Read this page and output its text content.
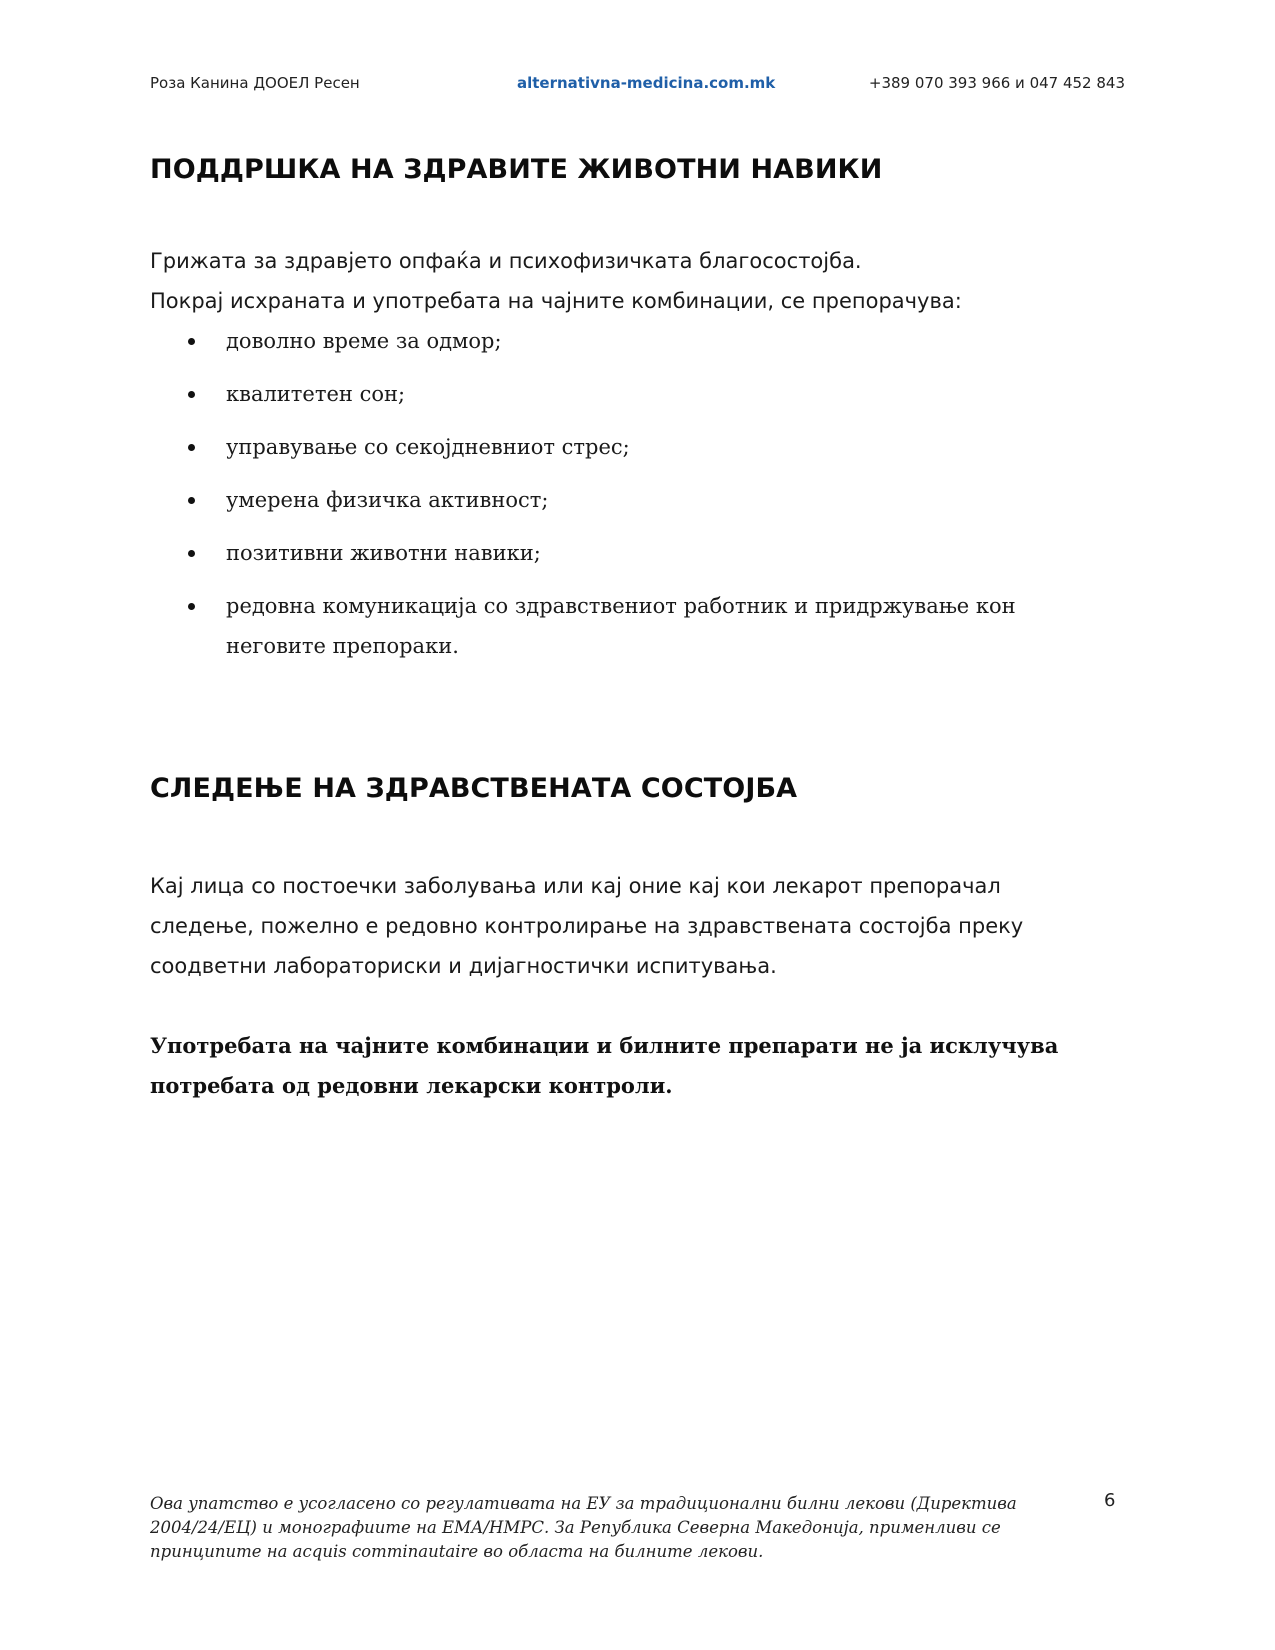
Роза Канина ДООЕЛ Ресен	alternativna-medicina.com.mk	+389 070 393 966 и 047 452 843
ПОДДРШКА НА ЗДРАВИТЕ ЖИВОТНИ НАВИКИ
Грижата за здравјето опфаќа и психофизичката благосостојба.
Покрај исхраната и употребата на чајните комбинации, се препорачува:
доволно време за одмор;
квалитетен сон;
управување со секојдневниот стрес;
умерена физичка активност;
позитивни животни навики;
редовна комуникација со здравствениот работник и придржување кон неговите препораки.
СЛЕДЕЊЕ НА ЗДРАВСТВЕНАТА СОСТОЈБА

Кај лица со постоечки заболувања или кај оние кај кои лекарот препорачал следење, пожелно е редовно контролирање на здравствената состојба преку соодветни лабораториски и дијагностички испитувања.

Употребата на чајните комбинации и билните препарати не ја исклучува потребата од редовни лекарски контроли.

Ова упатство е усогласено со регулативата на ЕУ за традиционални билни лекови (Директива 2004/24/ЕЦ) и монографиите на ЕМА/НМРС. За Република Северна Македонија, применливи се принципите на acquis comminautaire во областа на билните лекови.

6
